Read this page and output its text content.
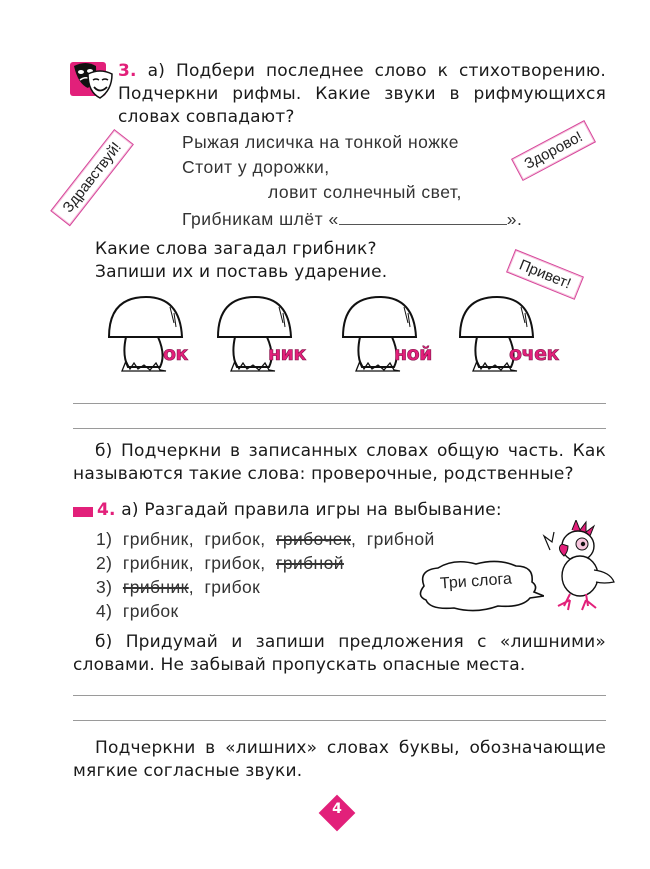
3. а) Подбери последнее слово к стихотворению.
Подчеркни рифмы. Какие звуки в рифмующихся
словах совпадают?
Здравствуй!	Здорово!
Привет!
Рыжая лисичка на тонкой ножке
Стоит у дорожки,
ловит солнечный свет,
Грибникам шлёт «	».
Какие слова загадал грибник?
Запиши их и поставь ударение.
ок	ник	ной	очек
б) Подчеркни в записанных словах общую часть. Как
называются такие слова: проверочные, родственные?
4. а) Разгадай правила игры на выбывание:
1) грибник,  грибок,  грибочек,  грибной
2) грибник,  грибок,  грибной
3) грибник,  грибок
4) грибок
Три слога
б) Придумай и запиши предложения с «лишними»
словами. Не забывай пропускать опасные места.
Подчеркни в «лишних» словах буквы, обозначающие
мягкие согласные звуки.
4
